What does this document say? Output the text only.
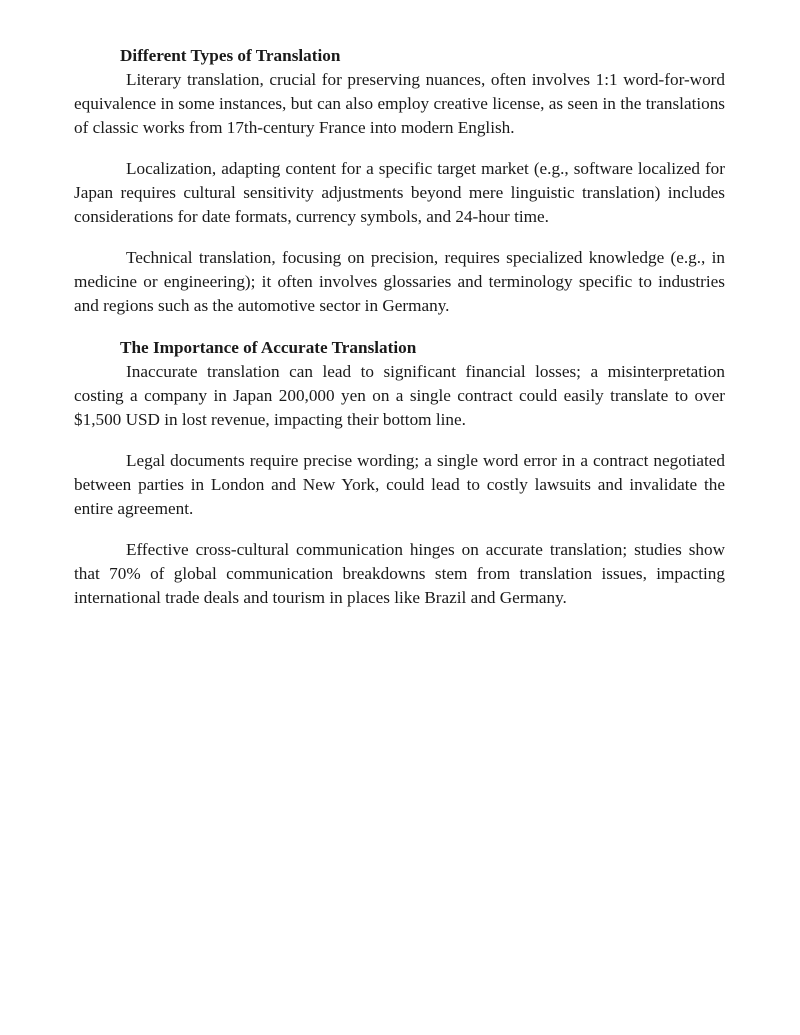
Different Types of Translation

Literary translation, crucial for preserving nuances, often involves 1:1 word-for-word equivalence in some instances, but can also employ creative license, as seen in the translations of classic works from 17th-century France into modern English.

Localization, adapting content for a specific target market (e.g., software localized for Japan requires cultural sensitivity adjustments beyond mere linguistic translation) includes considerations for date formats, currency symbols, and 24-hour time.

Technical translation, focusing on precision, requires specialized knowledge (e.g., in medicine or engineering); it often involves glossaries and terminology specific to industries and regions such as the automotive sector in Germany.

The Importance of Accurate Translation

Inaccurate translation can lead to significant financial losses; a misinterpretation costing a company in Japan 200,000 yen on a single contract could easily translate to over $1,500 USD in lost revenue, impacting their bottom line.

Legal documents require precise wording; a single word error in a contract negotiated between parties in London and New York, could lead to costly lawsuits and invalidate the entire agreement.

Effective cross-cultural communication hinges on accurate translation; studies show that 70% of global communication breakdowns stem from translation issues, impacting international trade deals and tourism in places like Brazil and Germany.
